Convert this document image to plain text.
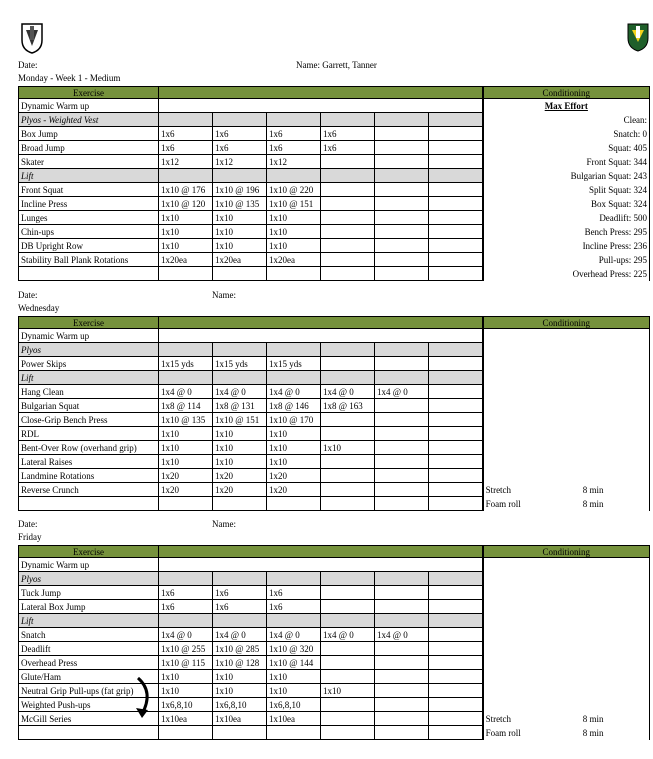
Date:	Name: Garrett, Tanner
Monday - Week 1 - Medium
Exercise							Conditioning
Dynamic Warm up							Max Effort
Plyos - Weighted Vest							Clean:
Box Jump	1x6	1x6	1x6	1x6			Snatch: 0
Broad Jump	1x6	1x6	1x6	1x6			Squat: 405
Skater	1x12	1x12	1x12				Front Squat: 344
Lift							Bulgarian Squat: 243
Front Squat	1x10 @ 176	1x10 @ 196	1x10 @ 220				Split Squat: 324
Incline Press	1x10 @ 120	1x10 @ 135	1x10 @ 151				Box Squat: 324
Lunges	1x10	1x10	1x10				Deadlift: 500
Chin-ups	1x10	1x10	1x10				Bench Press: 295
DB Upright Row	1x10	1x10	1x10				Incline Press: 236
Stability Ball Plank Rotations	1x20ea	1x20ea	1x20ea				Pull-ups: 295
							Overhead Press: 225
Date:	Name:
Wednesday
Exercise							Conditioning
Dynamic Warm up							
Plyos							
Power Skips	1x15 yds	1x15 yds	1x15 yds				
Lift							
Hang Clean	1x4 @ 0	1x4 @ 0	1x4 @ 0	1x4 @ 0	1x4 @ 0		
Bulgarian Squat	1x8 @ 114	1x8 @ 131	1x8 @ 146	1x8 @ 163			
Close-Grip Bench Press	1x10 @ 135	1x10 @ 151	1x10 @ 170				
RDL	1x10	1x10	1x10				
Bent-Over Row (overhand grip)	1x10	1x10	1x10	1x10			
Lateral Raises	1x10	1x10	1x10				
Landmine Rotations	1x20	1x20	1x20				
Reverse Crunch	1x20	1x20	1x20				Stretch 8 min

							Foam roll 8 min
Date:	Name:
Friday
Exercise							Conditioning
Dynamic Warm up							
Plyos							
Tuck Jump	1x6	1x6	1x6				
Lateral Box Jump	1x6	1x6	1x6				
Lift							
Snatch	1x4 @ 0	1x4 @ 0	1x4 @ 0	1x4 @ 0	1x4 @ 0		
Deadlift	1x10 @ 255	1x10 @ 285	1x10 @ 320				
Overhead Press	1x10 @ 115	1x10 @ 128	1x10 @ 144				
Glute/Ham	1x10	1x10	1x10				
Neutral Grip Pull-ups (fat grip)	1x10	1x10	1x10	1x10			
Weighted Push-ups	1x6,8,10	1x6,8,10	1x6,8,10				
McGill Series	1x10ea	1x10ea	1x10ea				Stretch 8 min

							Foam roll 8 min
